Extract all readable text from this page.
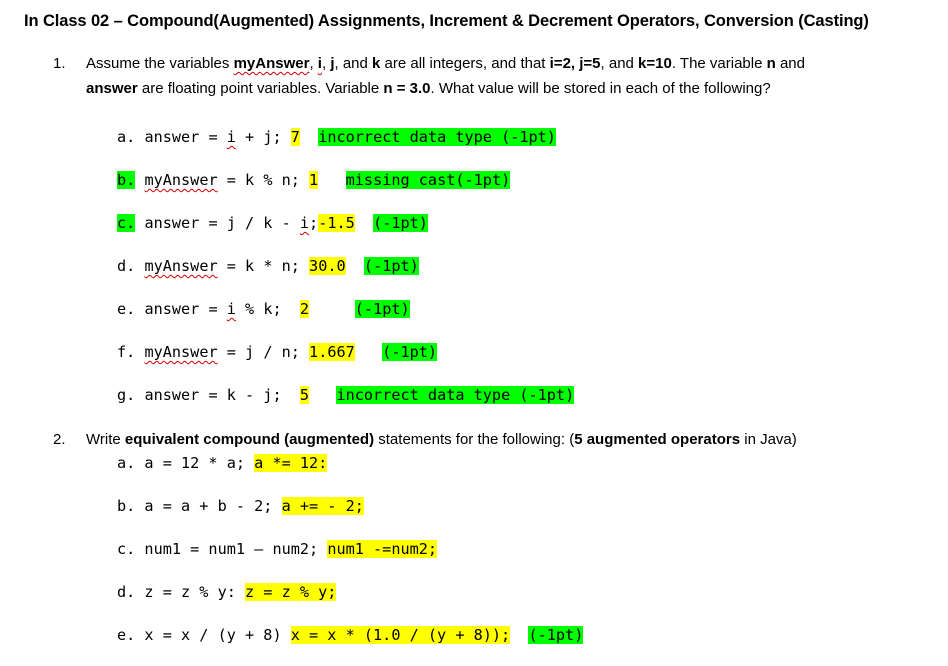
In Class 02 – Compound(Augmented) Assignments, Increment & Decrement Operators, Conversion (Casting)
1. Assume the variables myAnswer, i, j, and k are all integers, and that i=2, j=5, and k=10. The variable n and
answer are floating point variables. Variable n = 3.0. What value will be stored in each of the following?
a. answer = i + j; 7 incorrect data type (-1pt)
b. myAnswer = k % n; 1 missing cast(-1pt)
c. answer = j / k - i;-1.5 (-1pt)
d. myAnswer = k * n; 30.0 (-1pt)
e. answer = i % k;  2	(-1pt)
f. myAnswer = j / n; 1.667 (-1pt)
g. answer = k - j;  5 incorrect data type (-1pt)
2. Write equivalent compound (augmented) statements for the following: (5 augmented operators in Java)
a. a = 12 * a; a *= 12:
b. a = a + b - 2; a += - 2;
c. num1 = num1 – num2; num1 -=num2;
d. z = z % y: z = z % y;
e. x = x / (y + 8) x = x * (1.0 / (y + 8)); (-1pt)
